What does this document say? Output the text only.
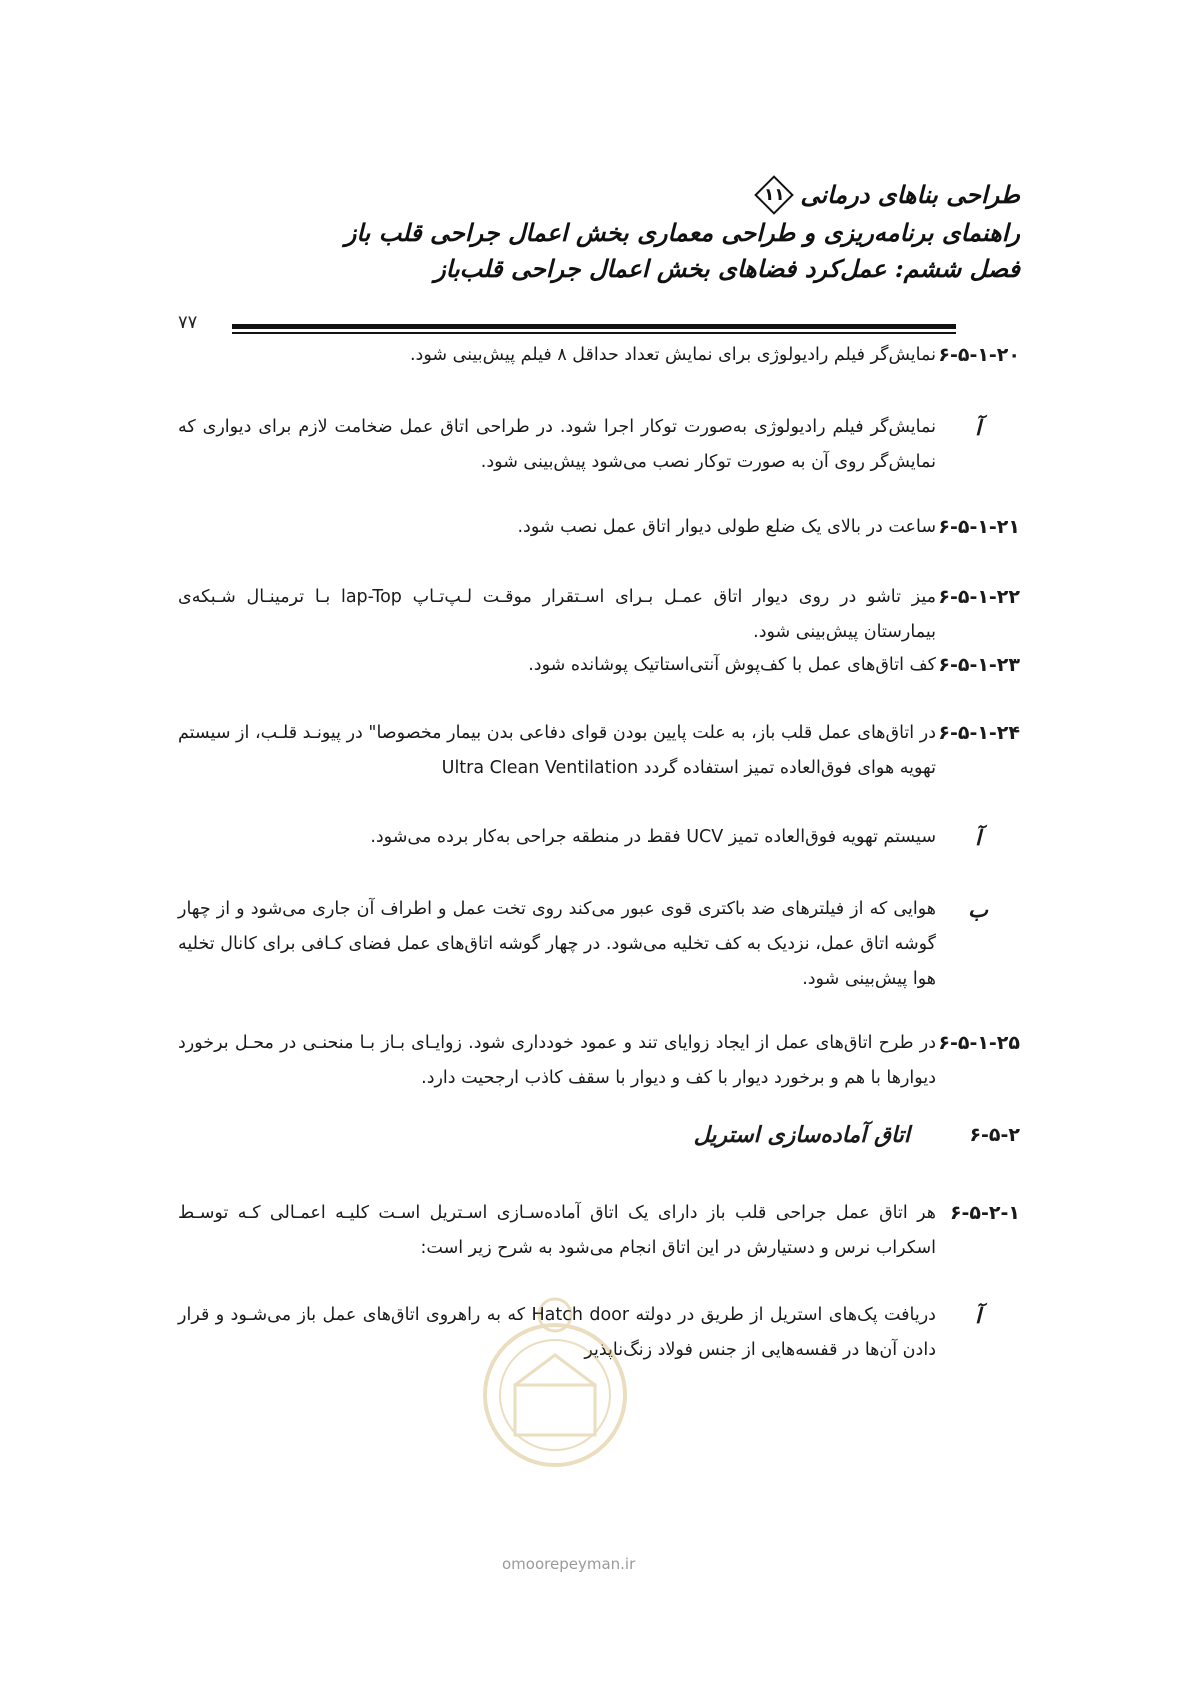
طراحی بناهای درمانی
۱۱
راهنمای برنامه‌ریزی و طراحی معماری بخش اعمال جراحی قلب باز
فصل ششم: عمل‌کرد فضاهای بخش اعمال جراحی قلب‌باز
۷۷
۶-۵-۱-۲۰
نمایش‌گر فیلم رادیولوژی برای نمایش تعداد حداقل ۸ فیلم پیش‌بینی شود.
آ
نمایش‌گر فیلم رادیولوژی به‌صورت توکار اجرا شود. در طراحی اتاق عمل ضخامت لازم برای دیواری که نمایش‌گر روی آن به صورت توکار نصب می‌شود پیش‌بینی شود.
۶-۵-۱-۲۱
ساعت در بالای یک ضلع طولی دیوار اتاق عمل نصب شود.
۶-۵-۱-۲۲
میز تاشو در روی دیوار اتاق عمـل بـرای اسـتقرار موقـت لـپ‌تـاپ lap-Top بـا ترمینـال شـبکه‌ی بیمارستان پیش‌بینی شود.
۶-۵-۱-۲۳
کف اتاق‌های عمل با کف‌پوش آنتی‌استاتیک پوشانده شود.
۶-۵-۱-۲۴
در اتاق‌های عمل قلب باز، به علت پایین بودن قوای دفاعی بدن بیمار مخصوصا" در پیونـد قلـب، از سیستم تهویه هوای فوق‌العاده تمیز استفاده گردد Ultra Clean Ventilation
آ
سیستم تهویه فوق‌العاده تمیز UCV فقط در منطقه جراحی به‌کار برده می‌شود.
ب
هوایی که از فیلترهای ضد باکتری قوی عبور می‌کند روی تخت عمل و اطراف آن جاری می‌شود و از چهار گوشه اتاق عمل، نزدیک به کف تخلیه می‌شود. در چهار گوشه اتاق‌های عمل فضای کـافی برای کانال تخلیه هوا پیش‌بینی شود.
۶-۵-۱-۲۵
در طرح اتاق‌های عمل از ایجاد زوایای تند و عمود خودداری شود. زوایـای بـاز بـا منحنـی در محـل برخورد دیوارها با هم و برخورد دیوار با کف و دیوار با سقف کاذب ارجحیت دارد.
۶-۵-۲
اتاق آماده‌سازی استریل
۶-۵-۲-۱
هر اتاق عمل جراحی قلب باز دارای یک اتاق آماده‌سـازی اسـتریل اسـت کلیـه اعمـالی کـه توسـط اسکراب نرس و دستیارش در این اتاق انجام می‌شود به شرح زیر است:
آ
دریافت پک‌های استریل از طریق در دولته Hatch door که به راهروی اتاق‌های عمل باز می‌شـود و قرار دادن آن‌ها در قفسه‌هایی از جنس فولاد زنگ‌ناپذیر
omoorepeyman.ir
